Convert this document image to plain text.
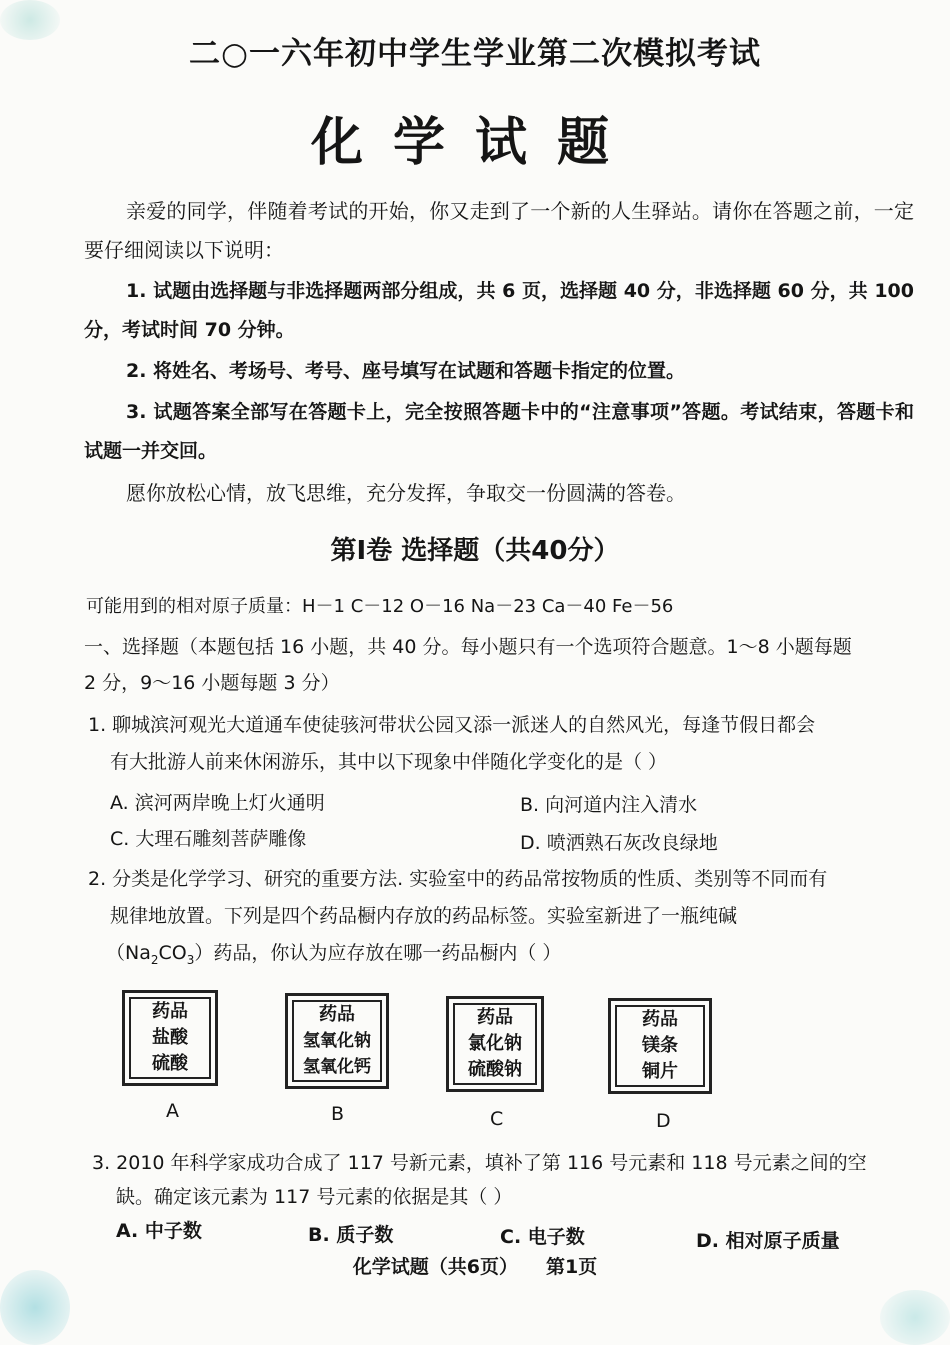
二○一六年初中学生学业第二次模拟考试
化学试题
亲爱的同学，伴随着考试的开始，你又走到了一个新的人生驿站。请你在答题之前，一定要仔细阅读以下说明：
1. 试题由选择题与非选择题两部分组成，共 6 页，选择题 40 分，非选择题 60 分，共 100 分，考试时间 70 分钟。
2. 将姓名、考场号、考号、座号填写在试题和答题卡指定的位置。
3. 试题答案全部写在答题卡上，完全按照答题卡中的“注意事项”答题。考试结束，答题卡和试题一并交回。
愿你放松心情，放飞思维，充分发挥，争取交一份圆满的答卷。
第Ⅰ卷 选择题（共40分）
可能用到的相对原子质量：H－1 C－12 O－16 Na－23 Ca－40 Fe－56
一、选择题（本题包括 16 小题，共 40 分。每小题只有一个选项符合题意。1～8 小题每题
2 分，9～16 小题每题 3 分）
1. 聊城滨河观光大道通车使徒骇河带状公园又添一派迷人的自然风光，每逢节假日都会
有大批游人前来休闲游乐，其中以下现象中伴随化学变化的是（ ）
A. 滨河两岸晚上灯火通明	B. 向河道内注入清水
C. 大理石雕刻菩萨雕像	D. 喷洒熟石灰改良绿地
2. 分类是化学学习、研究的重要方法. 实验室中的药品常按物质的性质、类别等不同而有
规律地放置。下列是四个药品橱内存放的药品标签。实验室新进了一瓶纯碱
$(Na_2CO_3)$药品，你认为应存放在哪一药品橱内（ ）
药品
盐酸
硫酸
药品
氢氧化钠
氢氧化钙
药品
氯化钠
硫酸钠
药品
镁条
铜片
A	B	C	D
3. 2010 年科学家成功合成了 117 号新元素，填补了第 116 号元素和 118 号元素之间的空
缺。确定该元素为 117 号元素的依据是其（ ）
A. 中子数	B. 质子数	C. 电子数	D. 相对原子质量
化学试题（共6页） 第1页
